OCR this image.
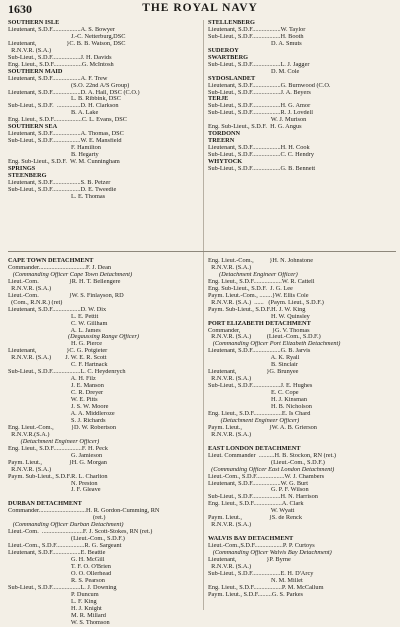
1630	THE ROYAL NAVY
SOUTHERN ISLE
Lieutenant, S.D.F..................A. S. Bowyer
J.-C. Netterburg,DSC
Lieutenant,                   }C. B. B. Watson, DSC
R.N.V.R. (S.A.)
Sub-Lieut., S.D.F..................J. H. Davids
Eng. Lieut., S.D.F..................G. McIntosh
SOUTHERN MAID
Lieutenant, S.D.F..................A. F. Trew
(S.O. 22nd A/S Group)
Lieutenant, S.D.F..................D. A. Hall, DSC (C.O.)
L. B. Ribbink, DSC
Sub-Lieut., S.D.F.  ...............D. H. Clarkson
B. A. Lake
Eng. Lieut., S.D.F..................C. L. Evans, DSC
SOUTHERN SEA
Lieutenant, S.D.F..................A. Thomas, DSC
Sub-Lieut., S.D.F..................W. E. Mansfield
F. Hamilton
B. Hegarty
Eng. Sub-Lieut., S.D.F.  W. M. Cunningham
SPRINGS
STEENBERG
Lieutenant, S.D.F..................S. B. Petzer
Sub-Lieut., S.D.F..................D. E. Tweedie
L. E. Thomas
STELLENBERG
Lieutenant, S.D.F..................W. Taylor
Sub-Lieut., S.D.F..................H. Booth
D. A. Smuts
SUDEROY
SWARTBERG
Sub-Lieut., S.D.F..................L. J. Jagger
D. M. Cole
SYDOSLANDET
Lieutenant, S.D.F..................G. Burnwood (C.O.
Sub-Lieut., S.D.F..................J. A. Beyers
TERJE
Sub-Lieut., S.D.F..................H. G. Amor
Sub-Lieut., S.D.F..................R. J. Lovdell
W. J. Murison
Eng. Sub-Lieut., S.D.F.  H. G. Angus
TORDONN
TREERN
Lieutenant, S.D.F..................H. H. Cook
Sub-Lieut., S.D.F..................C. C. Hendry
WHYTOCK
Sub-Lieut., S.D.F..................G. B. Bennett
CAPE TOWN DETACHMENT
Commander..............................F. J. Dean
(Commanding Officer Cape Town Detachment)
Lieut.-Com.                   }R. H. T. Bellengere
R.N.V.R. (S.A.)
Lieut.-Com.                   }W. S. Finlayson, RD
(Com., R.N.R.) (ret)
Lieutenant, S.D.F..................D. W. Dix
L. E. Pettit
C. W. Gillham
A. L. James
(Degaussing Range Officer)
H. G. Pierce
Lieutenant,                   }C. G. Potgieter
R.N.V.R. (S.A.)         J. W. E. R. Scott
C. F. Hartnack
Sub-Lieut., S.D.F..................L. C. Heydenrych
A. H. Filz
J. E. Manson
C. R. Dreyer
W. E. Pitts
J. S. W. Moore
A. A. Middleroze
S. J. Richards
Eng. Lieut.-Com.,           }D. W. Robertson
R.N.V.R.(S.A.)
(Detachment Engineer Officer)
Eng. Lieut., S.D.F..................F. H. Peck
G. Jamieson
Paym. Lieut.,                 }H. G. Morgan
R.N.V.R. (S.A.)
Paym. Sub-Lieut., S.D.F.R. L. Charlton
N. Preston
J. F. Gleave

DURBAN DETACHMENT
Commander..............................H. R. Gordon-Cumming, RN
(ret.)
(Commanding Officer Durban Detachment)
Lieut.-Com.  ..........................F. J. Scott-Stokes, RN (ret.)
(Lieut.-Com., S.D.F.)
Lieut.-Com., S.D.F..................R. G. Sargeant
Lieutenant, S.D.F..................E. Beattie
G. H. McGill
T. F. O. O'Brien
O. O. Ollerhead
R. S. Pearson
Sub-Lieut., S.D.F..................L. J. Downing
P. Duncum
L. F. King
H. J. Knight
M. R. Millard
W. S. Thomson
Eng. Lieut.-Com.,          }H. N. Johnstone
R.N.V.R. (S.A.)
(Detachment Engineer Officer)
Eng. Lieut., S.D.F..................W. R. Cattell
Eng. Sub-Lieut., S.D.F.  J. G. Lee
Paym. Lieut.-Com., ........}W. Ellis Cole
R.N.V.R. (S.A.)  ......   (Paym. Lieut., S.D.F.)
Paym. Sub-Lieut., S.D.F.H. J. W. King
H. W. Quinsley
PORT ELIZABETH DETACHMENT
Commander,                    }G. V. Thomas
R.N.V.R. (S.A.)          (Lieut.-Com., S.D.F.)
(Commanding Officer Port Elizabeth Detachment)
Lieutenant, S.D.F..................G. B. Jarvis
A. K. Ryall
B. Sinclair
Lieutenant,                   }G. Brunyee
R.N.V.R. (S.A.)
Sub-Lieut., S.D.F..................J. E. Hughes
E. C. Cope
H. J. Kinsman
H. B. Nicholson
Eng. Lieut., S.D.F..................E. Is Chard
(Detachment Engineer Officer)
Paym. Lieut.,                 }W. A. B. Grierson
R.N.V.R. (S.A.)

EAST LONDON DETACHMENT
Lieut. Commander  ..........H. B. Stockon, RN (ret.)
(Lieut.-Com., S.D.F.)
(Commanding Officer East London Detachment)
Lieut.-Com., S.D.F..................W. J. Chambers
Lieutenant, S.D.F..................W. G. Burt
G. P. F. Wilson
Sub-Lieut., S.D.F..................H. N. Harrison
Eng. Lieut., S.D.F..................A. Clark
W. Wyatt
Paym. Lieut.,                 }S. de Renck
R.N.V.R. (S.A.)

WALVIS BAY DETACHMENT
Lieut.-Com.,S.D.F..................P. P. Curtoys
(Commanding Officer Walvis Bay Detachment)
Lieutenant,                   }P. Byrne
R.N.V.R. (S.A.)
Sub-Lieut., S.D.F..................E. H. D'Arcy
N. M. Millet
Eng. Lieut., S.D.F..................P. M. McCallum
Paym. Lieut., S.D.F.........G. S. Parkes
